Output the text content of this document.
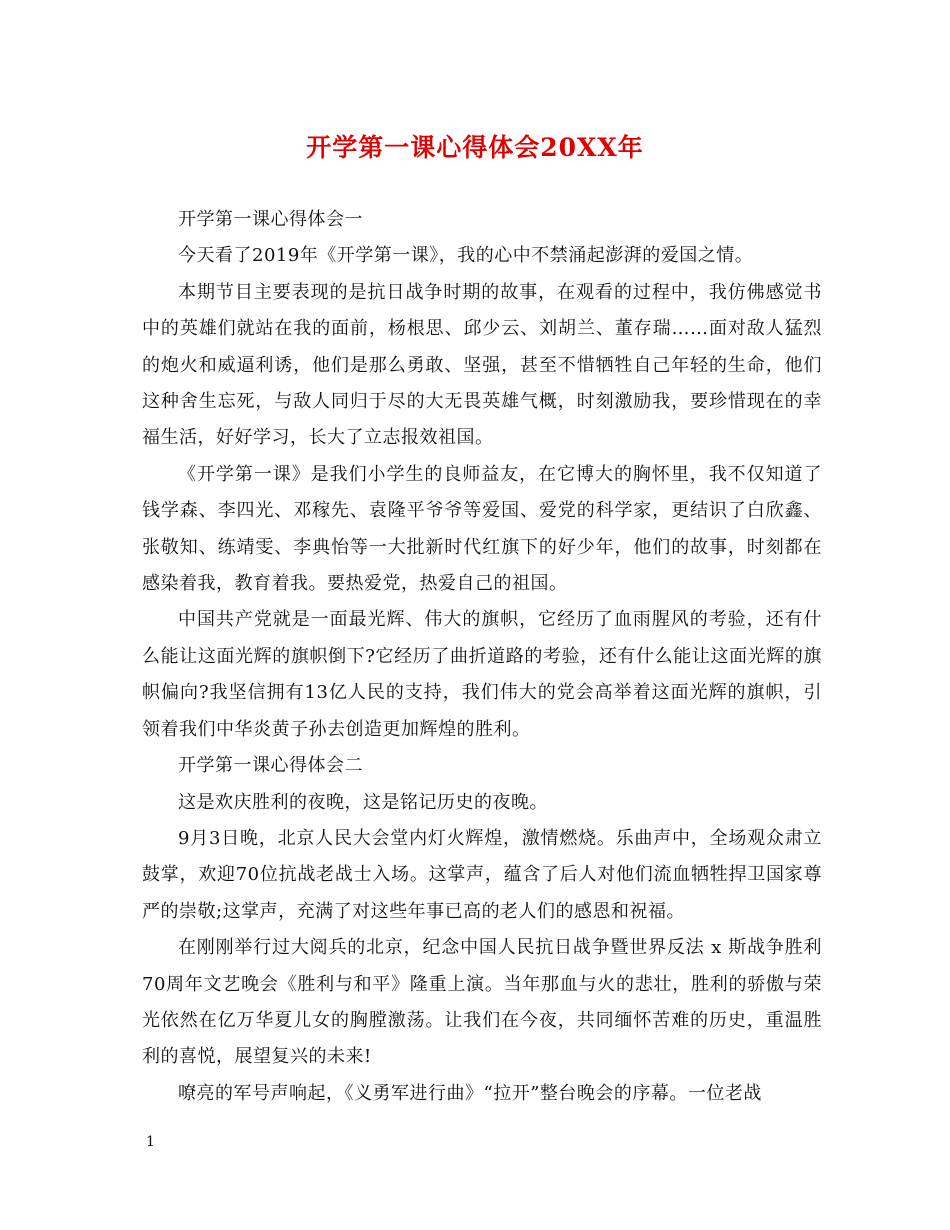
开学第一课心得体会20XX年

开学第一课心得体会一

今天看了2019年《开学第一课》，我的心中不禁涌起澎湃的爱国之情。

本期节目主要表现的是抗日战争时期的故事，在观看的过程中，我仿佛感觉书中的英雄们就站在我的面前，杨根思、邱少云、刘胡兰、董存瑞……面对敌人猛烈的炮火和威逼利诱，他们是那么勇敢、坚强，甚至不惜牺牲自己年轻的生命，他们这种舍生忘死，与敌人同归于尽的大无畏英雄气概，时刻激励我，要珍惜现在的幸福生活，好好学习，长大了立志报效祖国。

《开学第一课》是我们小学生的良师益友，在它博大的胸怀里，我不仅知道了钱学森、李四光、邓稼先、袁隆平爷爷等爱国、爱党的科学家，更结识了白欣鑫、张敬知、练靖雯、李典怡等一大批新时代红旗下的好少年，他们的故事，时刻都在感染着我，教育着我。要热爱党，热爱自己的祖国。

中国共产党就是一面最光辉、伟大的旗帜，它经历了血雨腥风的考验，还有什么能让这面光辉的旗帜倒下?它经历了曲折道路的考验，还有什么能让这面光辉的旗帜偏向?我坚信拥有13亿人民的支持，我们伟大的党会高举着这面光辉的旗帜，引领着我们中华炎黄子孙去创造更加辉煌的胜利。

开学第一课心得体会二

这是欢庆胜利的夜晚，这是铭记历史的夜晚。

9月3日晚，北京人民大会堂内灯火辉煌，激情燃烧。乐曲声中，全场观众肃立鼓掌，欢迎70位抗战老战士入场。这掌声，蕴含了后人对他们流血牺牲捍卫国家尊严的崇敬;这掌声，充满了对这些年事已高的老人们的感恩和祝福。

在刚刚举行过大阅兵的北京，纪念中国人民抗日战争暨世界反法 x 斯战争胜利70周年文艺晚会《胜利与和平》隆重上演。当年那血与火的悲壮，胜利的骄傲与荣光依然在亿万华夏儿女的胸膛激荡。让我们在今夜，共同缅怀苦难的历史，重温胜利的喜悦，展望复兴的未来!

嘹亮的军号声响起，《义勇军进行曲》“拉开”整台晚会的序幕。一位老战

1
